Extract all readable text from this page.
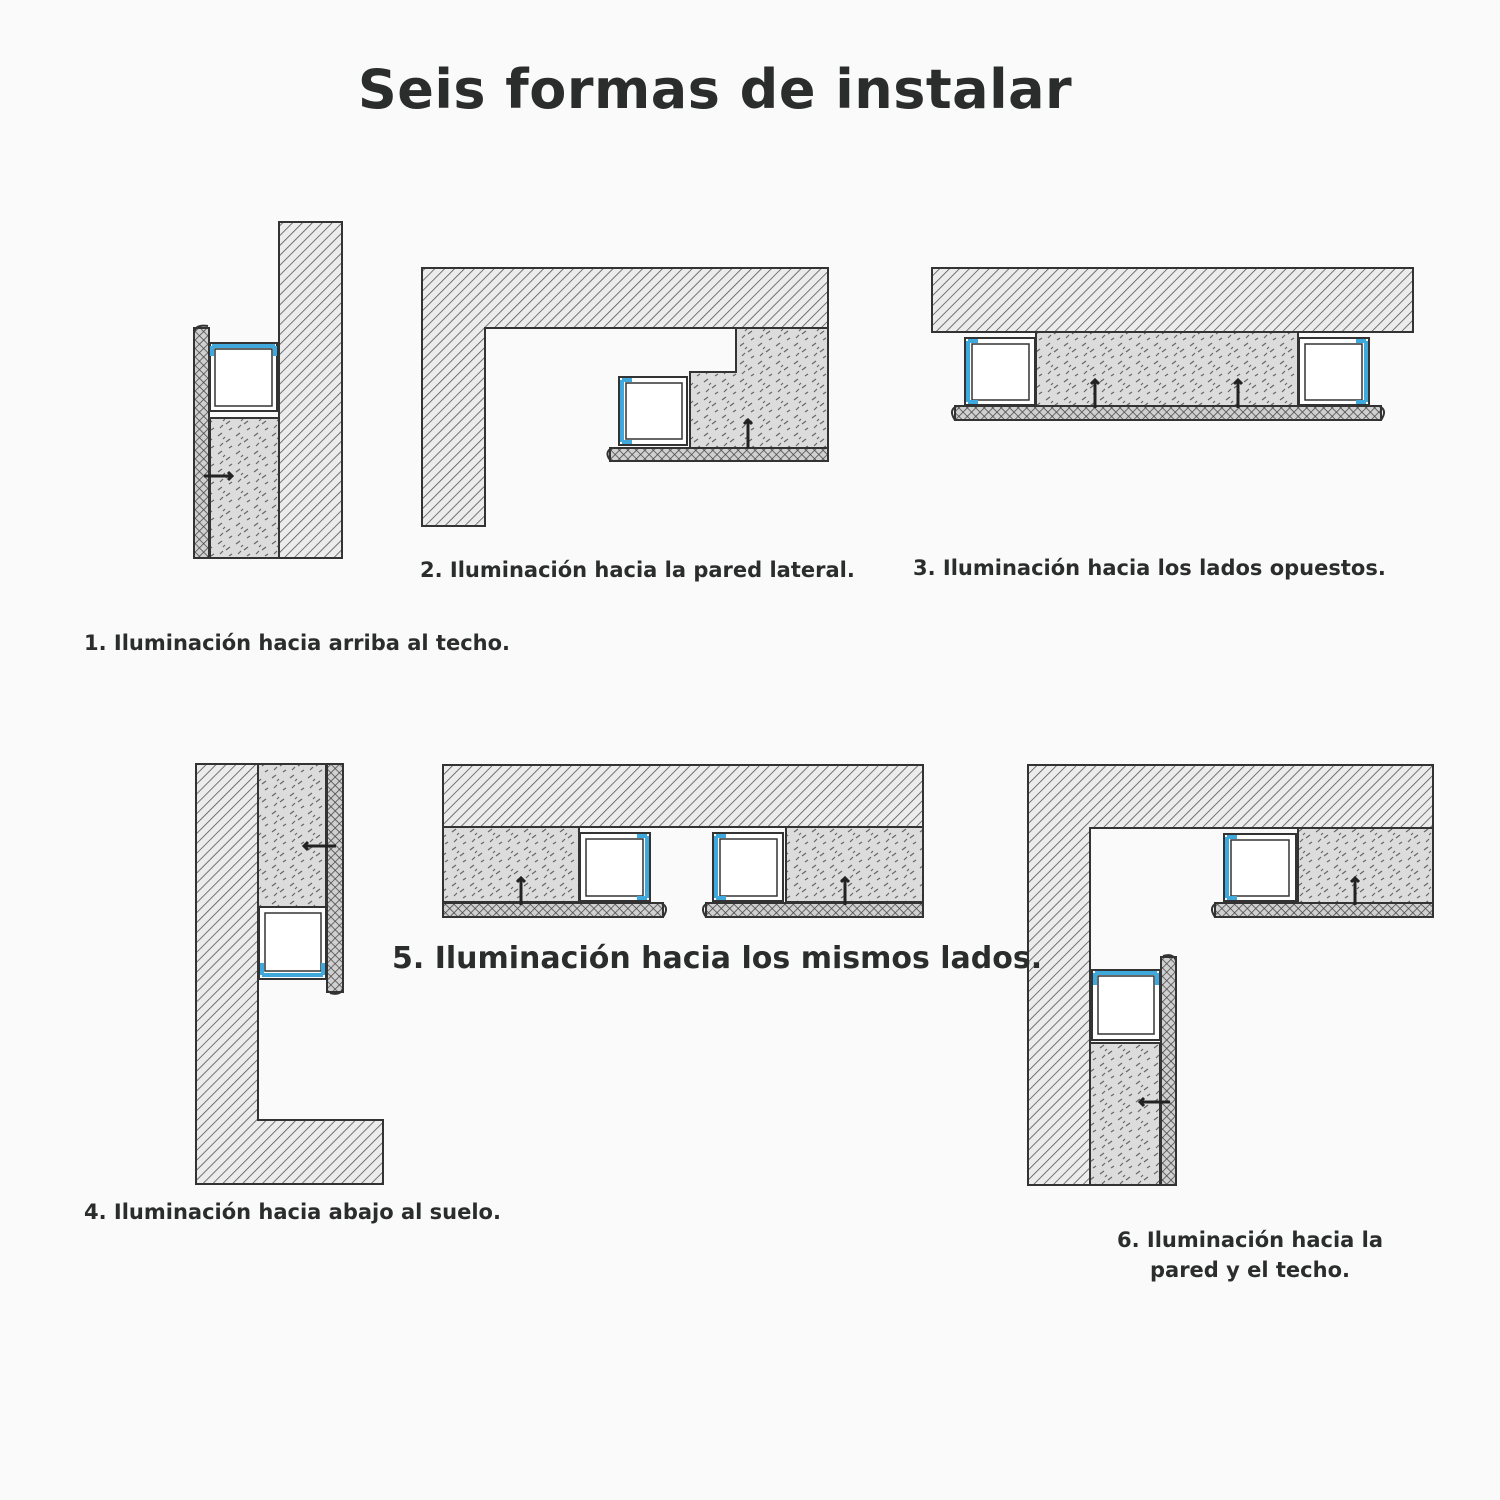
Seis formas de instalar
1. Iluminación hacia arriba al techo.
2. Iluminación hacia la pared lateral.	3. Iluminación hacia los lados opuestos.
4. Iluminación hacia abajo al suelo.
5. Iluminación hacia los mismos lados.
6. Iluminación hacia la
pared y el techo.
